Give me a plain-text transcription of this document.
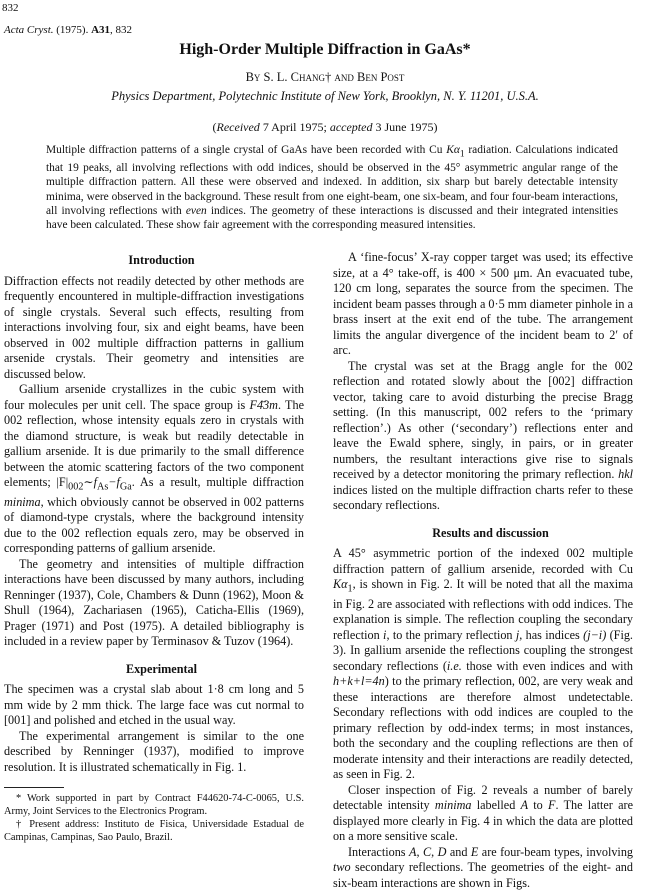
832
Acta Cryst. (1975). A31, 832
High-Order Multiple Diffraction in GaAs*
By S. L. Chang† and Ben Post
Physics Department, Polytechnic Institute of New York, Brooklyn, N. Y. 11201, U.S.A.
(Received 7 April 1975; accepted 3 June 1975)
Multiple diffraction patterns of a single crystal of GaAs have been recorded with Cu $K\alpha_1$ radiation. Calculations indicated that 19 peaks, all involving reflections with odd indices, should be observed in the 45° asymmetric angular range of the multiple diffraction pattern. All these were observed and indexed. In addition, six sharp but barely detectable intensity minima, were observed in the background. These result from one eight-beam, one six-beam, and four four-beam interactions, all involving reflections with even indices. The geometry of these interactions is discussed and their integrated intensities have been calculated. These show fair agreement with the corresponding measured intensities.

Introduction

Diffraction effects not readily detected by other methods are frequently encountered in multiple-diffraction investigations of single crystals. Several such effects, resulting from interactions involving four, six and eight beams, have been observed in 002 multiple diffraction patterns in gallium arsenide crystals. Their geometry and intensities are discussed below.

Gallium arsenide crystallizes in the cubic system with four molecules per unit cell. The space group is F4̄3m. The 002 reflection, whose intensity equals zero in crystals with the diamond structure, is weak but readily detectable in gallium arsenide. It is due primarily to the small difference between the atomic scattering factors of the two component elements; $|F|_{002}\sim f_{As}-f_{Ga}$. As a result, multiple diffraction minima, which obviously cannot be observed in 002 patterns of diamond-type crystals, where the background intensity due to the 002 reflection equals zero, may be observed in corresponding patterns of gallium arsenide.

The geometry and intensities of multiple diffraction interactions have been discussed by many authors, including Renninger (1937), Cole, Chambers & Dunn (1962), Moon & Shull (1964), Zachariasen (1965), Caticha-Ellis (1969), Prager (1971) and Post (1975). A detailed bibliography is included in a review paper by Terminasov & Tuzov (1964).

Experimental

The specimen was a crystal slab about 1·8 cm long and 5 mm wide by 2 mm thick. The large face was cut normal to [001] and polished and etched in the usual way.

The experimental arrangement is similar to the one described by Renninger (1937), modified to improve resolution. It is illustrated schematically in Fig. 1.

* Work supported in part by Contract F44620-74-C-0065, U.S. Army, Joint Services to the Electronics Program.

† Present address: Instituto de Fisica, Universidade Estadual de Campinas, Campinas, Sao Paulo, Brazil.

A ‘fine-focus’ X-ray copper target was used; its effective size, at a 4° take-off, is 400 × 500 μm. An evacuated tube, 120 cm long, separates the source from the specimen. The incident beam passes through a 0·5 mm diameter pinhole in a brass insert at the exit end of the tube. The arrangement limits the angular divergence of the incident beam to 2′ of arc.

The crystal was set at the Bragg angle for the 002 reflection and rotated slowly about the [002] diffraction vector, taking care to avoid disturbing the precise Bragg setting. (In this manuscript, 002 refers to the ‘primary reflection’.) As other (‘secondary’) reflections enter and leave the Ewald sphere, singly, in pairs, or in greater numbers, the resultant interactions give rise to signals received by a detector monitoring the primary reflection. hkl indices listed on the multiple diffraction charts refer to these secondary reflections.

Results and discussion

A 45° asymmetric portion of the indexed 002 multiple diffraction pattern of gallium arsenide, recorded with Cu $K\alpha_1$, is shown in Fig. 2. It will be noted that all the maxima in Fig. 2 are associated with reflections with odd indices. The explanation is simple. The reflection coupling the secondary reflection i, to the primary reflection j, has indices (j−i) (Fig. 3). In gallium arsenide the reflections coupling the strongest secondary reflections (i.e. those with even indices and with h+k+l=4n) to the primary reflection, 002, are very weak and these interactions are therefore almost undetectable. Secondary reflections with odd indices are coupled to the primary reflection by odd-index terms; in most instances, both the secondary and the coupling reflections are then of moderate intensity and their interactions are readily detected, as seen in Fig. 2.

Closer inspection of Fig. 2 reveals a number of barely detectable intensity minima labelled A to F. The latter are displayed more clearly in Fig. 4 in which the data are plotted on a more sensitive scale.

Interactions A, C, D and E are four-beam types, involving two secondary reflections. The geometries of the eight- and six-beam interactions are shown in Figs.
